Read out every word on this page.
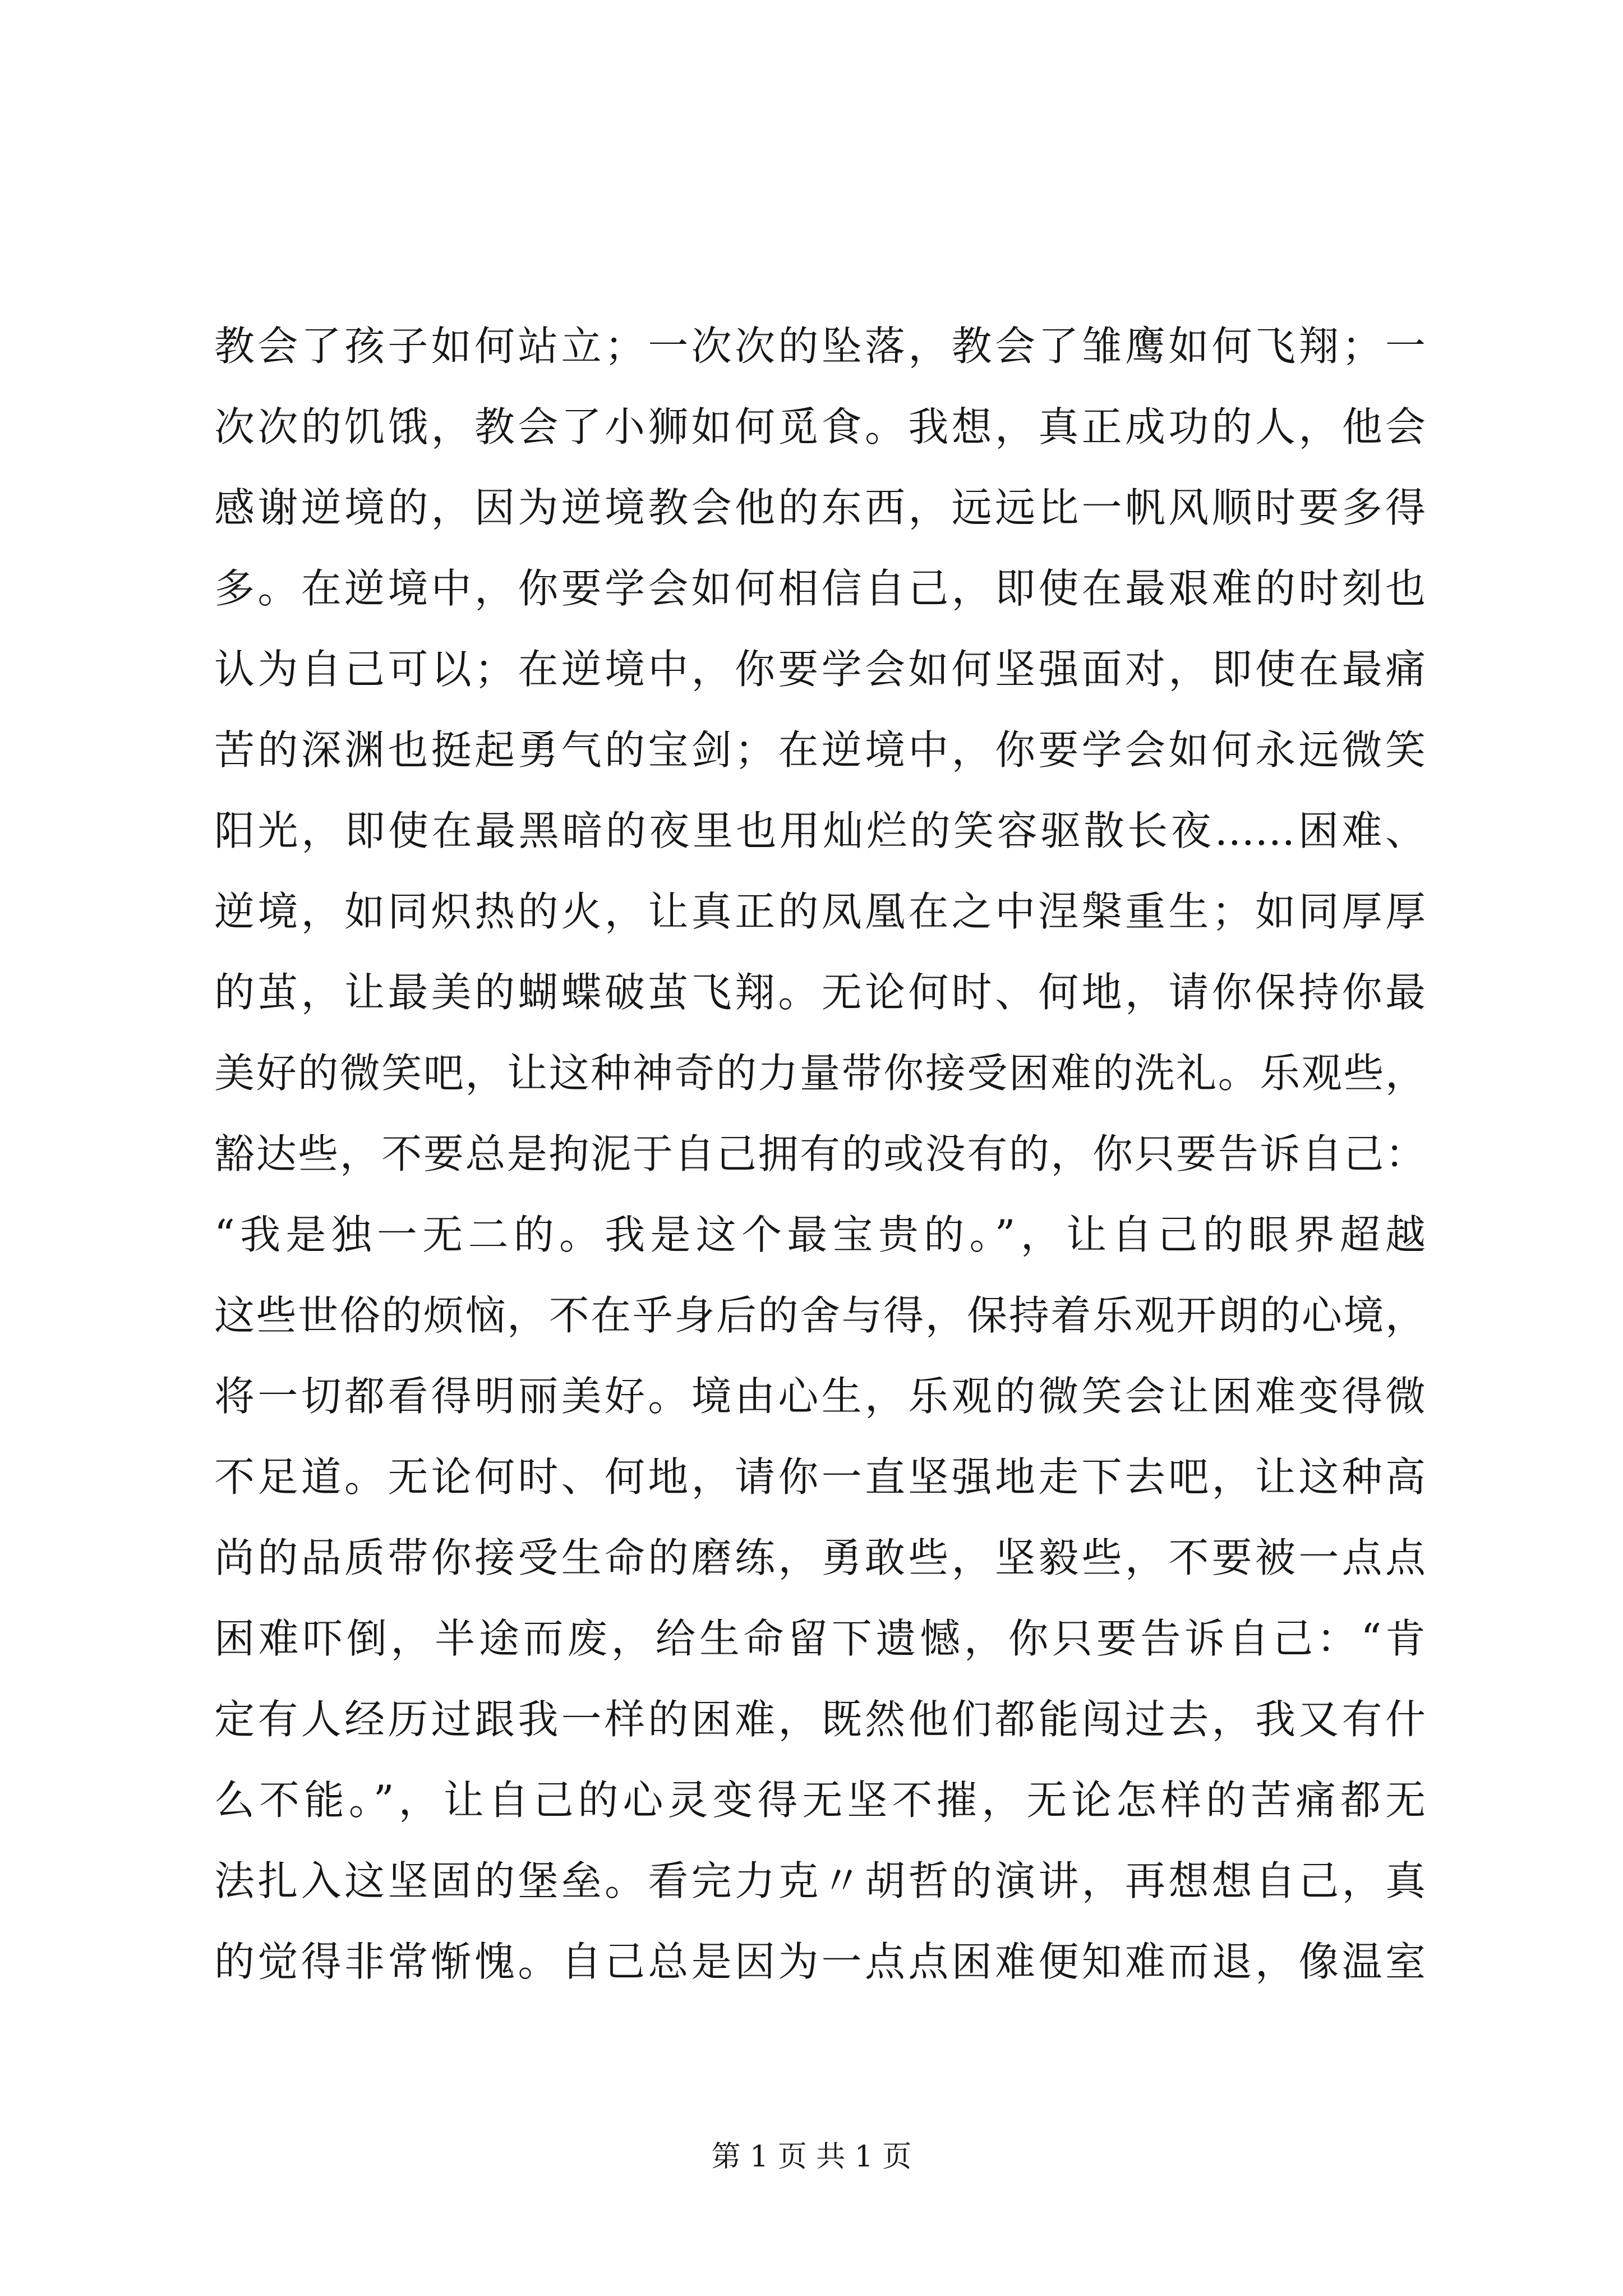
教会了孩子如何站立；一次次的坠落，教会了雏鹰如何飞翔；一
次次的饥饿，教会了小狮如何觅食。我想，真正成功的人，他会
感谢逆境的，因为逆境教会他的东西，远远比一帆风顺时要多得
多。在逆境中，你要学会如何相信自己，即使在最艰难的时刻也
认为自己可以；在逆境中，你要学会如何坚强面对，即使在最痛
苦的深渊也挺起勇气的宝剑；在逆境中，你要学会如何永远微笑
阳光，即使在最黑暗的夜里也用灿烂的笑容驱散长夜……困难、
逆境，如同炽热的火，让真正的凤凰在之中涅槃重生；如同厚厚
的茧，让最美的蝴蝶破茧飞翔。无论何时、何地，请你保持你最
美好的微笑吧，让这种神奇的力量带你接受困难的洗礼。乐观些，
豁达些，不要总是拘泥于自己拥有的或没有的，你只要告诉自己：
“我是独一无二的。我是这个最宝贵的。”，让自己的眼界超越
这些世俗的烦恼，不在乎身后的舍与得，保持着乐观开朗的心境，
将一切都看得明丽美好。境由心生，乐观的微笑会让困难变得微
不足道。无论何时、何地，请你一直坚强地走下去吧，让这种高
尚的品质带你接受生命的磨练，勇敢些，坚毅些，不要被一点点
困难吓倒，半途而废，给生命留下遗憾，你只要告诉自己：“肯
定有人经历过跟我一样的困难，既然他们都能闯过去，我又有什
么不能。”，让自己的心灵变得无坚不摧，无论怎样的苦痛都无
法扎入这坚固的堡垒。看完力克〃胡哲的演讲，再想想自己，真
的觉得非常惭愧。自己总是因为一点点困难便知难而退，像温室
第 1 页 共 1 页
